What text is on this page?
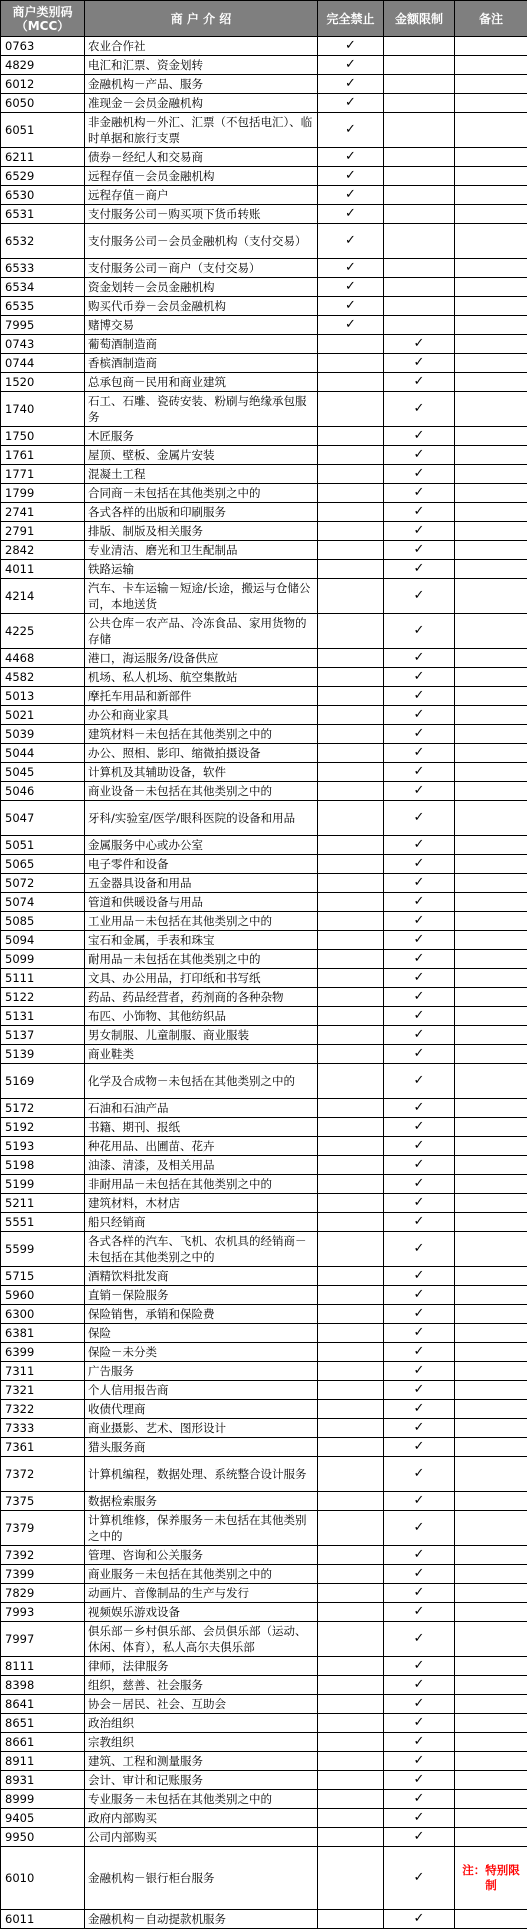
商户类别码（MCC）	商 户 介 绍	完全禁止	金额限制	备注
0763	农业合作社	✓		
4829	电汇和汇票、资金划转	✓		
6012	金融机构－产品、服务	✓		
6050	准现金－会员金融机构	✓		
6051	非金融机构－外汇、汇票（不包括电汇）、临时单据和旅行支票	✓		
6211	债券－经纪人和交易商	✓		
6529	远程存值－会员金融机构	✓		
6530	远程存值－商户	✓		
6531	支付服务公司－购买项下货币转账	✓		
6532	支付服务公司－会员金融机构（支付交易）	✓		
6533	支付服务公司－商户（支付交易）	✓		
6534	资金划转－会员金融机构	✓		
6535	购买代币券－会员金融机构	✓		
7995	赌博交易	✓		
0743	葡萄酒制造商		✓	
0744	香槟酒制造商		✓	
1520	总承包商－民用和商业建筑		✓	
1740	石工、石雕、瓷砖安装、粉刷与绝缘承包服务		✓	
1750	木匠服务		✓	
1761	屋顶、壁板、金属片安装		✓	
1771	混凝土工程		✓	
1799	合同商－未包括在其他类别之中的		✓	
2741	各式各样的出版和印刷服务		✓	
2791	排版、制版及相关服务		✓	
2842	专业清洁、磨光和卫生配制品		✓	
4011	铁路运输		✓	
4214	汽车、卡车运输－短途/长途，搬运与仓储公司，本地送货		✓	
4225	公共仓库－农产品、冷冻食品、家用货物的存储		✓	
4468	港口，海运服务/设备供应		✓	
4582	机场、私人机场、航空集散站		✓	
5013	摩托车用品和新部件		✓	
5021	办公和商业家具		✓	
5039	建筑材料－未包括在其他类别之中的		✓	
5044	办公、照相、影印、缩微拍摄设备		✓	
5045	计算机及其辅助设备，软件		✓	
5046	商业设备－未包括在其他类别之中的		✓	
5047	牙科/实验室/医学/眼科医院的设备和用品		✓	
5051	金属服务中心或办公室		✓	
5065	电子零件和设备		✓	
5072	五金器具设备和用品		✓	
5074	管道和供暖设备与用品		✓	
5085	工业用品－未包括在其他类别之中的		✓	
5094	宝石和金属，手表和珠宝		✓	
5099	耐用品－未包括在其他类别之中的		✓	
5111	文具、办公用品，打印纸和书写纸		✓	
5122	药品、药品经营者，药剂商的各种杂物		✓	
5131	布匹、小饰物、其他纺织品		✓	
5137	男女制服、儿童制服、商业服装		✓	
5139	商业鞋类		✓	
5169	化学及合成物－未包括在其他类别之中的		✓	
5172	石油和石油产品		✓	
5192	书籍、期刊、报纸		✓	
5193	种花用品、出圃苗、花卉		✓	
5198	油漆、清漆，及相关用品		✓	
5199	非耐用品－未包括在其他类别之中的		✓	
5211	建筑材料，木材店		✓	
5551	船只经销商		✓	
5599	各式各样的汽车、飞机、农机具的经销商－未包括在其他类别之中的		✓	
5715	酒精饮料批发商		✓	
5960	直销－保险服务		✓	
6300	保险销售，承销和保险费		✓	
6381	保险		✓	
6399	保险－未分类		✓	
7311	广告服务		✓	
7321	个人信用报告商		✓	
7322	收债代理商		✓	
7333	商业摄影、艺术、图形设计		✓	
7361	猎头服务商		✓	
7372	计算机编程，数据处理、系统整合设计服务		✓	
7375	数据检索服务		✓	
7379	计算机维修，保养服务－未包括在其他类别之中的		✓	
7392	管理、咨询和公关服务		✓	
7399	商业服务－未包括在其他类别之中的		✓	
7829	动画片、音像制品的生产与发行		✓	
7993	视频娱乐游戏设备		✓	
7997	俱乐部－乡村俱乐部、会员俱乐部（运动、休闲、体育），私人高尔夫俱乐部		✓	
8111	律师，法律服务		✓	
8398	组织，慈善、社会服务		✓	
8641	协会－居民、社会、互助会		✓	
8651	政治组织		✓	
8661	宗教组织		✓	
8911	建筑、工程和测量服务		✓	
8931	会计、审计和记账服务		✓	
8999	专业服务－未包括在其他类别之中的		✓	
9405	政府内部购买		✓	
9950	公司内部购买		✓	
6010	金融机构－银行柜台服务		✓	注：特别限制
6011	金融机构－自动提款机服务		✓	
